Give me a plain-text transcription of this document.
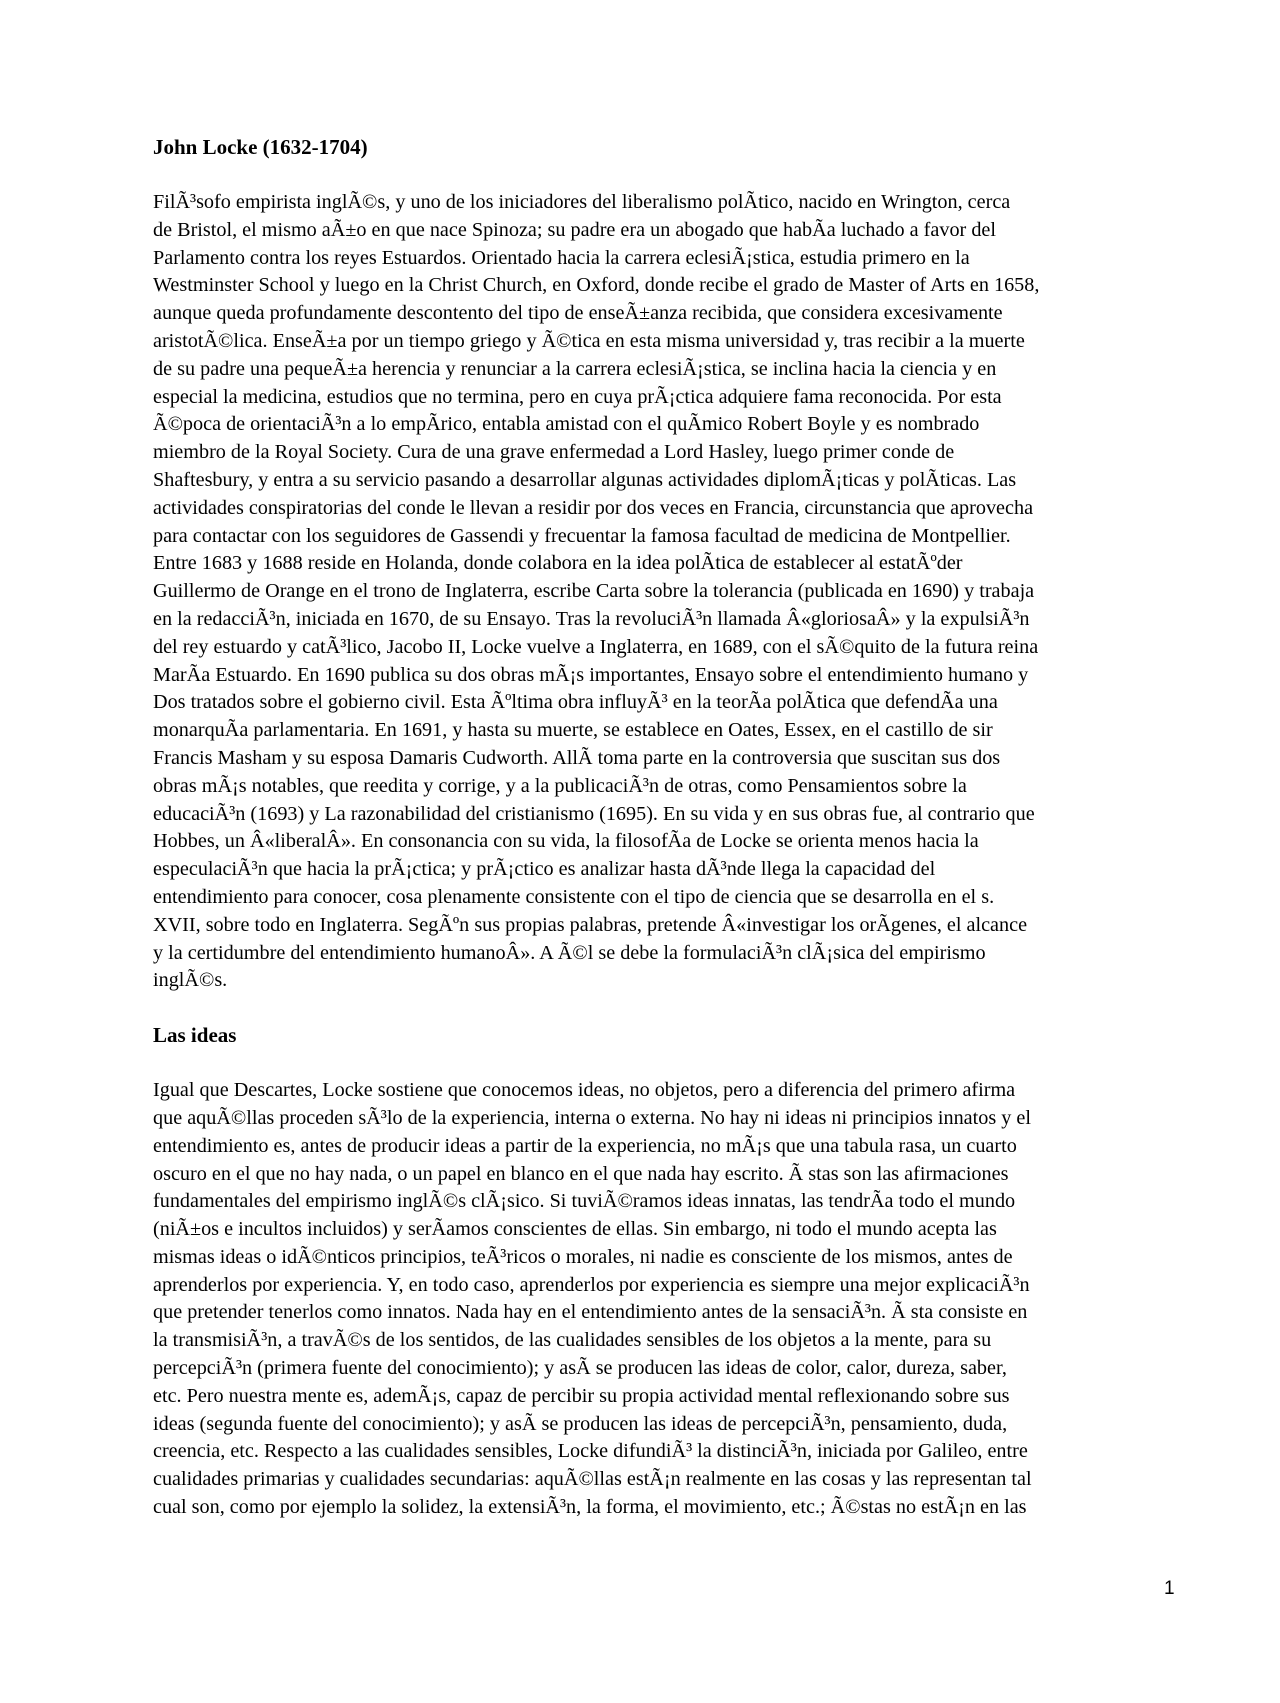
John Locke (1632-1704)

FilÃ³sofo empirista inglÃ©s, y uno de los iniciadores del liberalismo polÃtico, nacido en Wrington, cerca
de Bristol, el mismo aÃ±o en que nace Spinoza; su padre era un abogado que habÃa luchado a favor del
Parlamento contra los reyes Estuardos. Orientado hacia la carrera eclesiÃ¡stica, estudia primero en la
Westminster School y luego en la Christ Church, en Oxford, donde recibe el grado de Master of Arts en 1658,
aunque queda profundamente descontento del tipo de enseÃ±anza recibida, que considera excesivamente
aristotÃ©lica. EnseÃ±a por un tiempo griego y Ã©tica en esta misma universidad y, tras recibir a la muerte
de su padre una pequeÃ±a herencia y renunciar a la carrera eclesiÃ¡stica, se inclina hacia la ciencia y en
especial la medicina, estudios que no termina, pero en cuya prÃ¡ctica adquiere fama reconocida. Por esta
Ã©poca de orientaciÃ³n a lo empÃrico, entabla amistad con el quÃmico Robert Boyle y es nombrado
miembro de la Royal Society. Cura de una grave enfermedad a Lord Hasley, luego primer conde de
Shaftesbury, y entra a su servicio pasando a desarrollar algunas actividades diplomÃ¡ticas y polÃticas. Las
actividades conspiratorias del conde le llevan a residir por dos veces en Francia, circunstancia que aprovecha
para contactar con los seguidores de Gassendi y frecuentar la famosa facultad de medicina de Montpellier.
Entre 1683 y 1688 reside en Holanda, donde colabora en la idea polÃtica de establecer al estatÃºder
Guillermo de Orange en el trono de Inglaterra, escribe Carta sobre la tolerancia (publicada en 1690) y trabaja
en la redacciÃ³n, iniciada en 1670, de su Ensayo. Tras la revoluciÃ³n llamada Â«gloriosaÂ» y la expulsiÃ³n
del rey estuardo y catÃ³lico, Jacobo II, Locke vuelve a Inglaterra, en 1689, con el sÃ©quito de la futura reina
MarÃa Estuardo. En 1690 publica su dos obras mÃ¡s importantes, Ensayo sobre el entendimiento humano y
Dos tratados sobre el gobierno civil. Esta Ãºltima obra influyÃ³ en la teorÃa polÃtica que defendÃa una
monarquÃa parlamentaria. En 1691, y hasta su muerte, se establece en Oates, Essex, en el castillo de sir
Francis Masham y su esposa Damaris Cudworth. AllÃ toma parte en la controversia que suscitan sus dos
obras mÃ¡s notables, que reedita y corrige, y a la publicaciÃ³n de otras, como Pensamientos sobre la
educaciÃ³n (1693) y La razonabilidad del cristianismo (1695). En su vida y en sus obras fue, al contrario que
Hobbes, un Â«liberalÂ». En consonancia con su vida, la filosofÃa de Locke se orienta menos hacia la
especulaciÃ³n que hacia la prÃ¡ctica; y prÃ¡ctico es analizar hasta dÃ³nde llega la capacidad del
entendimiento para conocer, cosa plenamente consistente con el tipo de ciencia que se desarrolla en el s.
XVII, sobre todo en Inglaterra. SegÃºn sus propias palabras, pretende Â«investigar los orÃgenes, el alcance
y la certidumbre del entendimiento humanoÂ». A Ã©l se debe la formulaciÃ³n clÃ¡sica del empirismo
inglÃ©s.

Las ideas

Igual que Descartes, Locke sostiene que conocemos ideas, no objetos, pero a diferencia del primero afirma
que aquÃ©llas proceden sÃ³lo de la experiencia, interna o externa. No hay ni ideas ni principios innatos y el
entendimiento es, antes de producir ideas a partir de la experiencia, no mÃ¡s que una tabula rasa, un cuarto
oscuro en el que no hay nada, o un papel en blanco en el que nada hay escrito. Ã stas son las afirmaciones
fundamentales del empirismo inglÃ©s clÃ¡sico. Si tuviÃ©ramos ideas innatas, las tendrÃa todo el mundo
(niÃ±os e incultos incluidos) y serÃamos conscientes de ellas. Sin embargo, ni todo el mundo acepta las
mismas ideas o idÃ©nticos principios, teÃ³ricos o morales, ni nadie es consciente de los mismos, antes de
aprenderlos por experiencia. Y, en todo caso, aprenderlos por experiencia es siempre una mejor explicaciÃ³n
que pretender tenerlos como innatos. Nada hay en el entendimiento antes de la sensaciÃ³n. Ã sta consiste en
la transmisiÃ³n, a travÃ©s de los sentidos, de las cualidades sensibles de los objetos a la mente, para su
percepciÃ³n (primera fuente del conocimiento); y asÃ se producen las ideas de color, calor, dureza, saber,
etc. Pero nuestra mente es, ademÃ¡s, capaz de percibir su propia actividad mental reflexionando sobre sus
ideas (segunda fuente del conocimiento); y asÃ se producen las ideas de percepciÃ³n, pensamiento, duda,
creencia, etc. Respecto a las cualidades sensibles, Locke difundiÃ³ la distinciÃ³n, iniciada por Galileo, entre
cualidades primarias y cualidades secundarias: aquÃ©llas estÃ¡n realmente en las cosas y las representan tal
cual son, como por ejemplo la solidez, la extensiÃ³n, la forma, el movimiento, etc.; Ã©stas no estÃ¡n en las

1
